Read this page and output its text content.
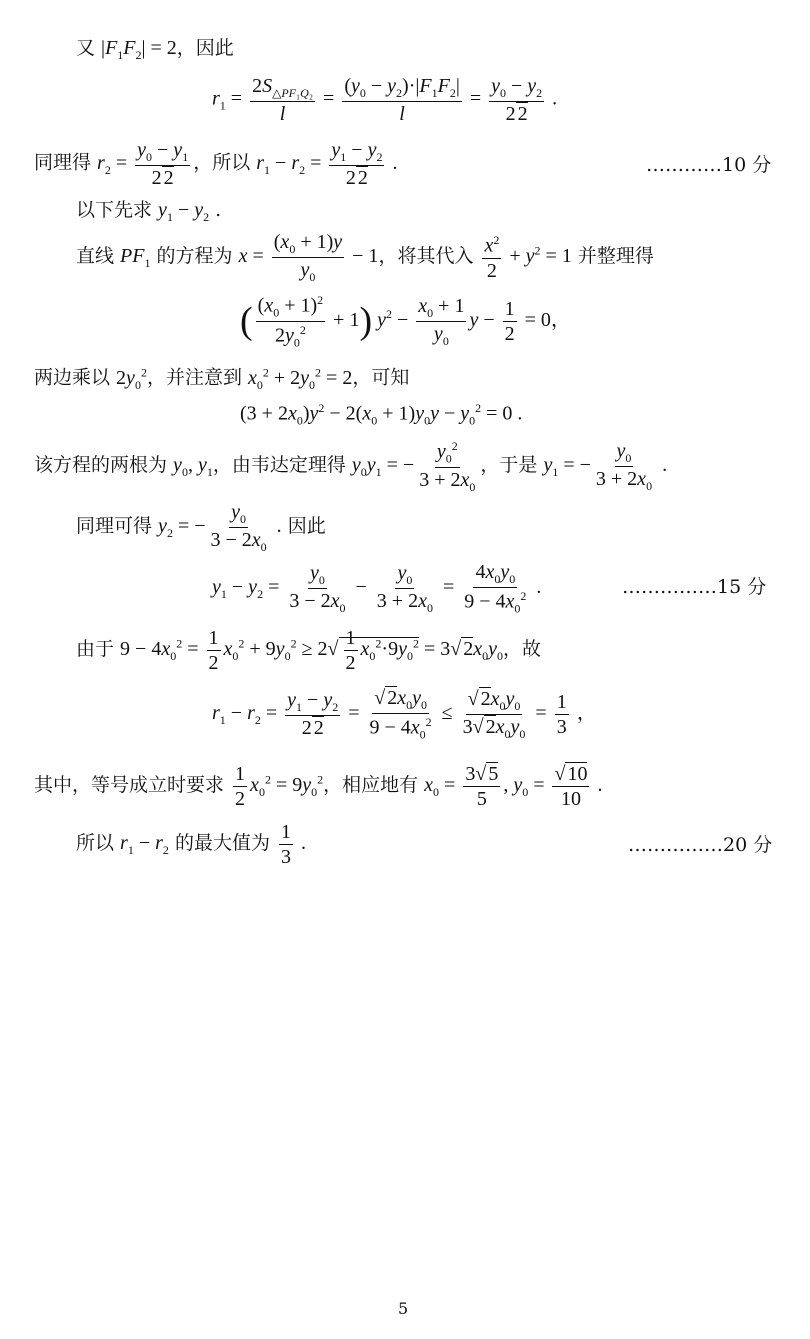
又 $|F_1F_2| = 2$，因此
$r_1 = \frac{2S_{\triangle PF_1Q_2}}{l} = \frac{(y_0 - y_2)\cdot|F_1F_2|}{l} = \frac{y_0 - y_2}{2 2}$ .
同理得 $r_2 = \frac{y_0 - y_1}{2 2}$ ，所以 $r_1 - r_2 = \frac{y_1 - y_2}{2 2}$ .	…………10 分
以下先求 $y_1 - y_2$ .
直线 $PF_1$ 的方程为 $x = \frac{(x_0 + 1)y}{y_0} - 1$，将其代入 $\frac{x^2}{2} + y^2 = 1$ 并整理得
( $\frac{(x_0 + 1)^2}{2y_0^2} + 1$) $y^2 - \frac{x_0 + 1}{y_0}$ $y - \frac{1}{2} = 0$，
两边乘以 $2y_0^2$，并注意到 $x_0^2 + 2y_0^2 = 2$，可知
$(3 + 2x_0)y^2 - 2(x_0 + 1)y_0y - y_0^2 = 0$ .
该方程的两根为 $y_0$, $y_1$，由韦达定理得 $y_0y_1$ = − $\frac{y_0^2}{3 + 2x_0}$ ，于是 $y_1$ = − $\frac{y_0}{3 + 2x_0}$ .
同理可得 $y_2$ = − $\frac{y_0}{3 - 2x_0}$ . 因此
$y_1 - y_2 = \frac{y_0}{3 - 2x_0} - \frac{y_0}{3 + 2x_0} = \frac{4x_0y_0}{9 - 4x_0^2}$ .	……………15 分
由于 $9 - 4x_0^2 = \frac{1}{2} x_0^2 + 9y_0^2 \ge 2√ \frac{1}{2} x_0^2\cdot 9y_0^2 = 3√$ $2x_0y_0$，故
$r_1 - r_2 = \frac{y_1 - y_2}{2 2} = \frac{√ 2x_0y_0}{9 - 4x_0^2} \le \frac{√ 2x_0y_0}{3√ 2x_0y_0} = \frac{1}{3}$ ，
其中，等号成立时要求 $\frac{1}{2} x_0^2 = 9y_0^2$，相应地有 $x_0 = \frac{3√ 5}{5}$ , $y_0 = \frac{√ 10}{10}$ .
所以 $r_1 - r_2$ 的最大值为 $\frac{1}{3}$ .	……………20 分
5
